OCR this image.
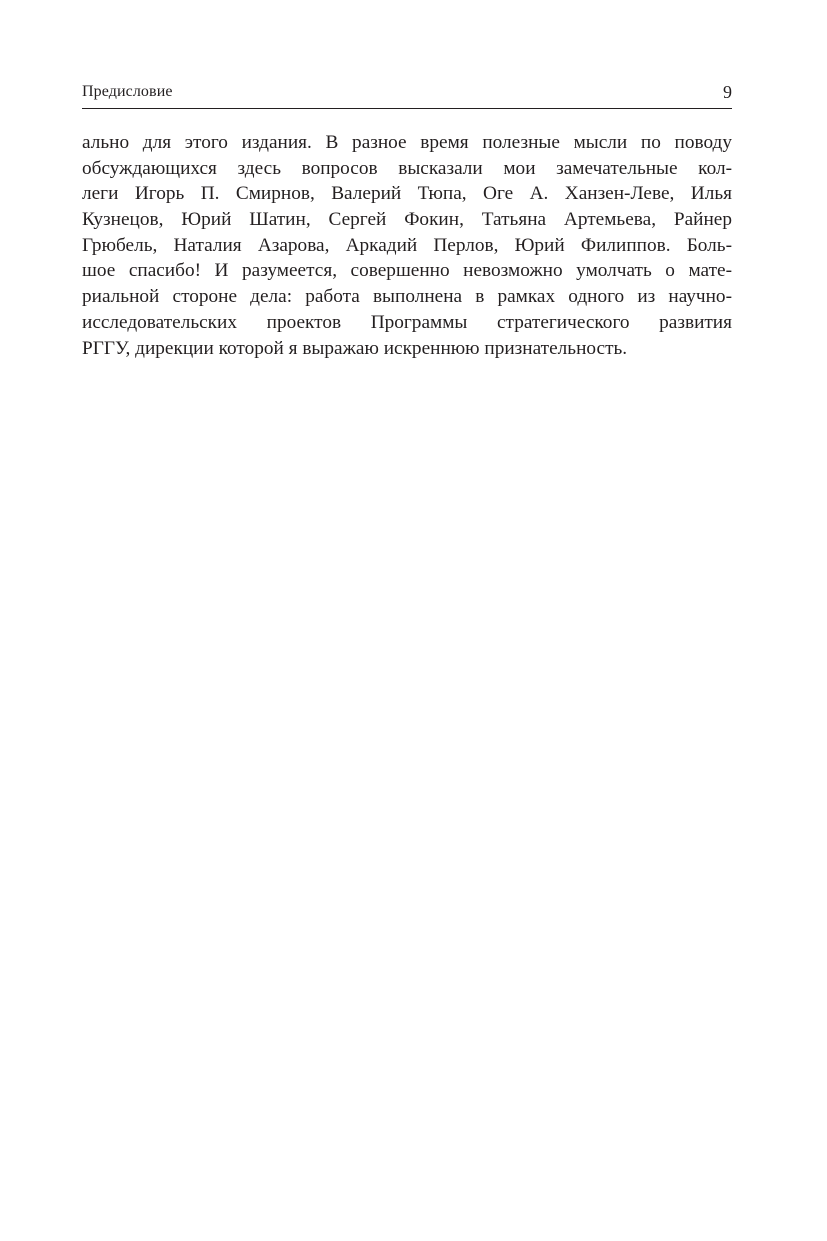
Предисловие	9
ально для этого издания. В разное время полезные мысли по поводу
обсуждающихся здесь вопросов высказали мои замечательные кол-
леги Игорь П. Смирнов, Валерий Тюпа, Оге А. Ханзен-Леве, Илья
Кузнецов, Юрий Шатин, Сергей Фокин, Татьяна Артемьева, Райнер
Грюбель, Наталия Азарова, Аркадий Перлов, Юрий Филиппов. Боль-
шое спасибо! И разумеется, совершенно невозможно умолчать о мате-
риальной стороне дела: работа выполнена в рамках одного из научно-
исследовательских проектов Программы стратегического развития
РГГУ, дирекции которой я выражаю искреннюю признательность.
